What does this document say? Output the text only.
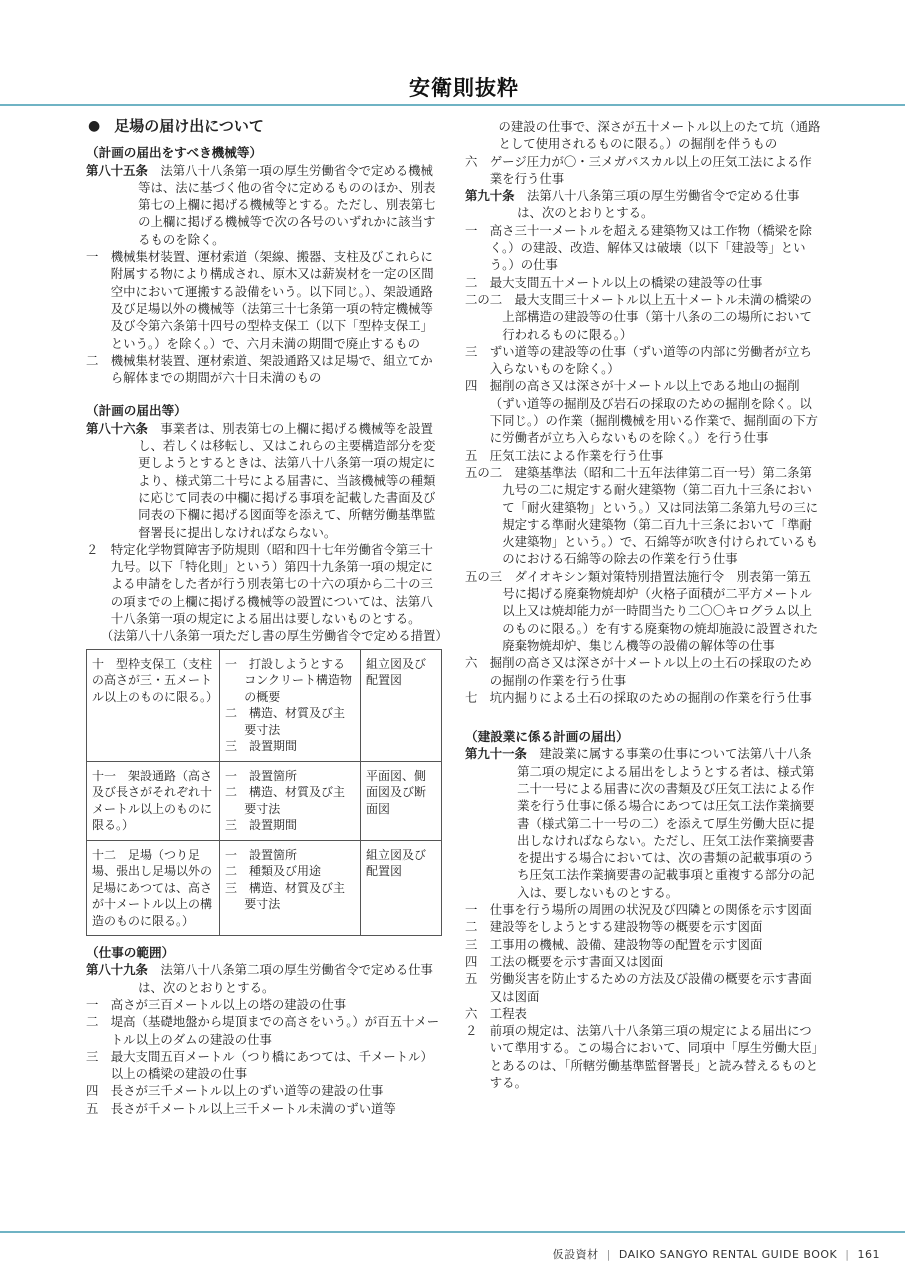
安衛則抜粋
● 足場の届け出について

（計画の届出をすべき機械等）

第八十五条　 法第八十八条第一項の厚生労働省令で定める機械等は、法に基づく他の省令に定めるもののほか、別表第七の上欄に掲げる機械等とする。ただし、別表第七の上欄に掲げる機械等で次の各号のいずれかに該当するものを除く。

一　機械集材装置、運材索道（架線、搬器、支柱及びこれらに附属する物により構成され、原木又は薪炭材を一定の区間空中において運搬する設備をいう。以下同じ。）、架設通路及び足場以外の機械等（法第三十七条第一項の特定機械等及び令第六条第十四号の型枠支保工（以下「型枠支保工」という。）を除く。）で、六月未満の期間で廃止するもの

二　機械集材装置、運材索道、架設通路又は足場で、組立てから解体までの期間が六十日未満のもの

（計画の届出等）

第八十六条　 事業者は、別表第七の上欄に掲げる機械等を設置し、若しくは移転し、又はこれらの主要構造部分を変更しようとするときは、法第八十八条第一項の規定により、様式第二十号による届書に、当該機械等の種類に応じて同表の中欄に掲げる事項を記載した書面及び同表の下欄に掲げる図面等を添えて、所轄労働基準監督署長に提出しなければならない。

２　特定化学物質障害予防規則（昭和四十七年労働省令第三十九号。以下「特化則」という）第四十九条第一項の規定による申請をした者が行う別表第七の十六の項から二十の三の項までの上欄に掲げる機械等の設置については、法第八十八条第一項の規定による届出は要しないものとする。

（法第八十八条第一項ただし書の厚生労働省令で定める措置）

十　型枠支保工（支柱の高さが三・五メートル以上のものに限る。）	一　打設しようとするコンクリート構造物の概要
二　構造、材質及び主要寸法
三　設置期間	組立図及び配置図
十一　架設通路（高さ及び長さがそれぞれ十メートル以上のものに限る。）	一　設置箇所
二　構造、材質及び主要寸法
三　設置期間	平面図、側面図及び断面図
十二　足場（つり足場、張出し足場以外の足場にあつては、高さが十メートル以上の構造のものに限る。）	一　設置箇所
二　種類及び用途
三　構造、材質及び主要寸法	組立図及び配置図

（仕事の範囲）

第八十九条　 法第八十八条第二項の厚生労働省令で定める仕事は、次のとおりとする。

一　高さが三百メートル以上の塔の建設の仕事

二　堤高（基礎地盤から堤頂までの高さをいう。）が百五十メートル以上のダムの建設の仕事

三　最大支間五百メートル（つり橋にあつては、千メートル）以上の橋梁の建設の仕事

四　長さが三千メートル以上のずい道等の建設の仕事

五　長さが千メートル以上三千メートル未満のずい道等

の建設の仕事で、深さが五十メートル以上のたて坑（通路として使用されるものに限る。）の掘削を伴うもの

六　ゲージ圧力が〇・三メガパスカル以上の圧気工法による作業を行う仕事

第九十条　 法第八十八条第三項の厚生労働省令で定める仕事は、次のとおりとする。

一　高さ三十一メートルを超える建築物又は工作物（橋梁を除く。）の建設、改造、解体又は破壊（以下「建設等」という。）の仕事

二　最大支間五十メートル以上の橋梁の建設等の仕事

二の二　最大支間三十メートル以上五十メートル未満の橋梁の上部構造の建設等の仕事（第十八条の二の場所において行われるものに限る。）

三　ずい道等の建設等の仕事（ずい道等の内部に労働者が立ち入らないものを除く。）

四　掘削の高さ又は深さが十メートル以上である地山の掘削（ずい道等の掘削及び岩石の採取のための掘削を除く。以下同じ。）の作業（掘削機械を用いる作業で、掘削面の下方に労働者が立ち入らないものを除く。）を行う仕事

五　圧気工法による作業を行う仕事

五の二　建築基準法（昭和二十五年法律第二百一号）第二条第九号の二に規定する耐火建築物（第二百九十三条において「耐火建築物」という。）又は同法第二条第九号の三に規定する準耐火建築物（第二百九十三条において「準耐火建築物」という。）で、石綿等が吹き付けられているものにおける石綿等の除去の作業を行う仕事

五の三　ダイオキシン類対策特別措置法施行令　別表第一第五号に掲げる廃棄物焼却炉（火格子面積が二平方メートル以上又は焼却能力が一時間当たり二〇〇キログラム以上のものに限る。）を有する廃棄物の焼却施設に設置された廃棄物焼却炉、集じん機等の設備の解体等の仕事

六　掘削の高さ又は深さが十メートル以上の土石の採取のための掘削の作業を行う仕事

七　坑内掘りによる土石の採取のための掘削の作業を行う仕事

（建設業に係る計画の届出）

第九十一条　 建設業に属する事業の仕事について法第八十八条第二項の規定による届出をしようとする者は、様式第二十一号による届書に次の書類及び圧気工法による作業を行う仕事に係る場合にあつては圧気工法作業摘要書（様式第二十一号の二）を添えて厚生労働大臣に提出しなければならない。ただし、圧気工法作業摘要書を提出する場合においては、次の書類の記載事項のうち圧気工法作業摘要書の記載事項と重複する部分の記入は、要しないものとする。

一　仕事を行う場所の周囲の状況及び四隣との関係を示す図面

二　建設等をしようとする建設物等の概要を示す図面

三　工事用の機械、設備、建設物等の配置を示す図面

四　工法の概要を示す書面又は図面

五　労働災害を防止するための方法及び設備の概要を示す書面又は図面

六　工程表

２　前項の規定は、法第八十八条第三項の規定による届出について準用する。この場合において、同項中「厚生労働大臣」とあるのは、「所轄労働基準監督署長」と読み替えるものとする。

仮設資材 | DAIKO SANGYO RENTAL GUIDE BOOK | 161
